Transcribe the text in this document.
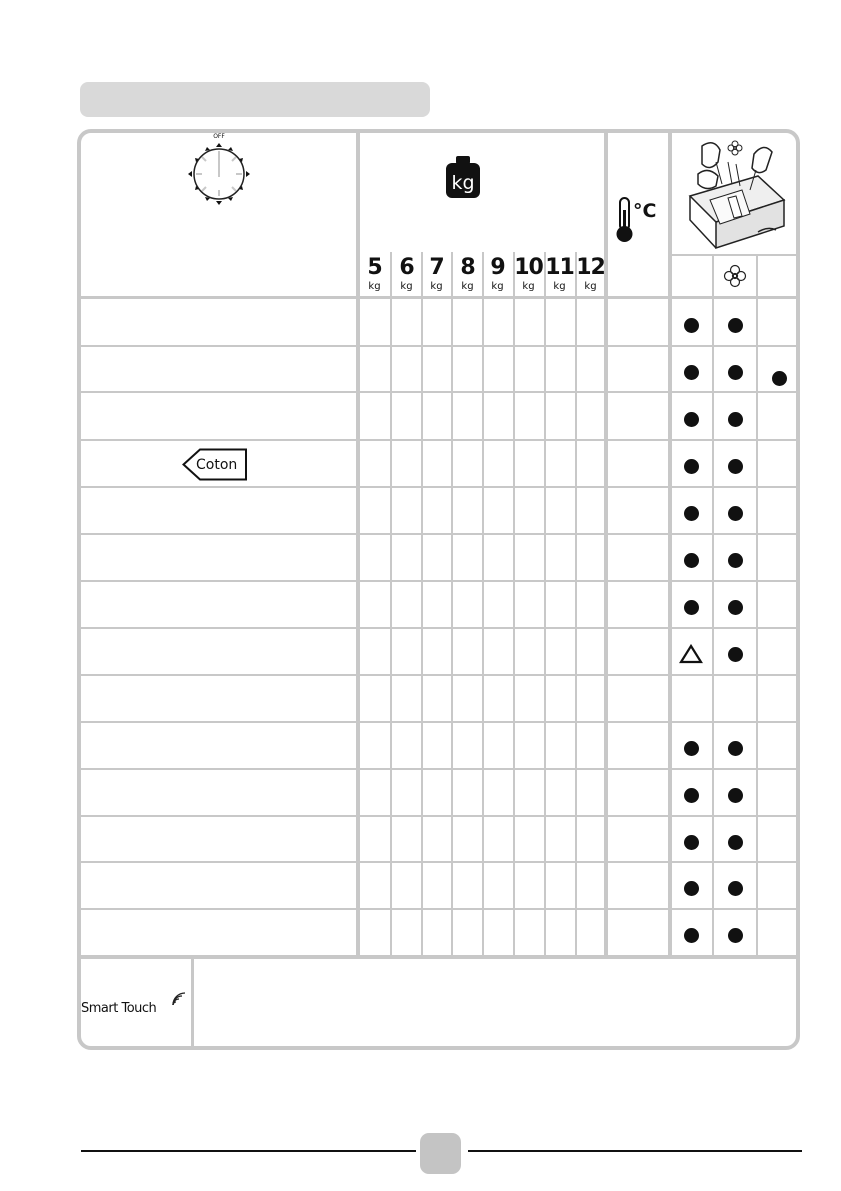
OFF
kg
5
kg
6
kg
7
kg
8
kg
9
kg
10
kg
11
kg
12
kg
°C
Coton
Smart Touch
